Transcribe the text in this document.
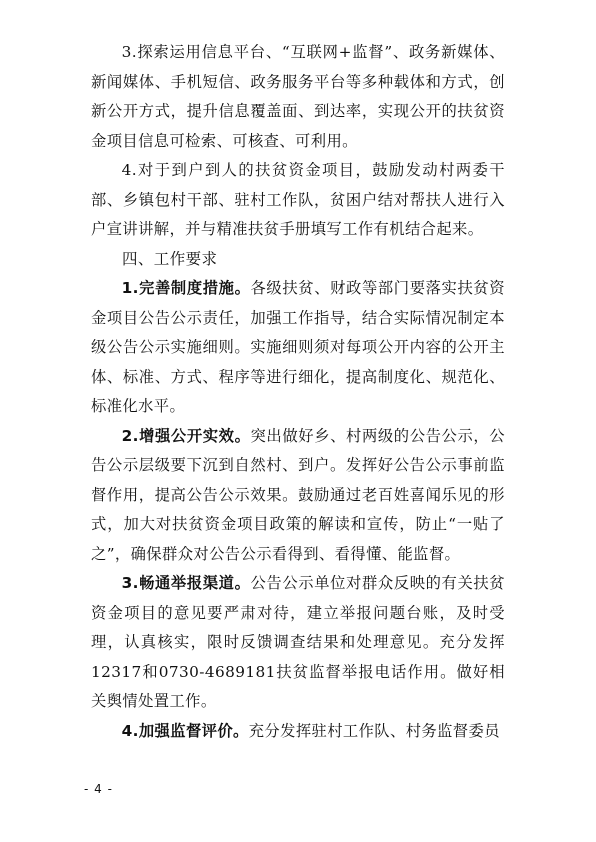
3.探索运用信息平台、“互联网+监督”、政务新媒体、新闻媒体、手机短信、政务服务平台等多种载体和方式，创新公开方式，提升信息覆盖面、到达率，实现公开的扶贫资金项目信息可检索、可核查、可利用。

4.对于到户到人的扶贫资金项目，鼓励发动村两委干部、乡镇包村干部、驻村工作队，贫困户结对帮扶人进行入户宣讲讲解，并与精准扶贫手册填写工作有机结合起来。

四、工作要求

1.完善制度措施。各级扶贫、财政等部门要落实扶贫资金项目公告公示责任，加强工作指导，结合实际情况制定本级公告公示实施细则。实施细则须对每项公开内容的公开主体、标准、方式、程序等进行细化，提高制度化、规范化、标准化水平。

2.增强公开实效。突出做好乡、村两级的公告公示，公告公示层级要下沉到自然村、到户。发挥好公告公示事前监督作用，提高公告公示效果。鼓励通过老百姓喜闻乐见的形式，加大对扶贫资金项目政策的解读和宣传，防止“一贴了之”，确保群众对公告公示看得到、看得懂、能监督。

3.畅通举报渠道。公告公示单位对群众反映的有关扶贫资金项目的意见要严肃对待，建立举报问题台账，及时受理，认真核实，限时反馈调查结果和处理意见。充分发挥12317和0730-4689181扶贫监督举报电话作用。做好相关舆情处置工作。

4.加强监督评价。充分发挥驻村工作队、村务监督委员

- 4 -
